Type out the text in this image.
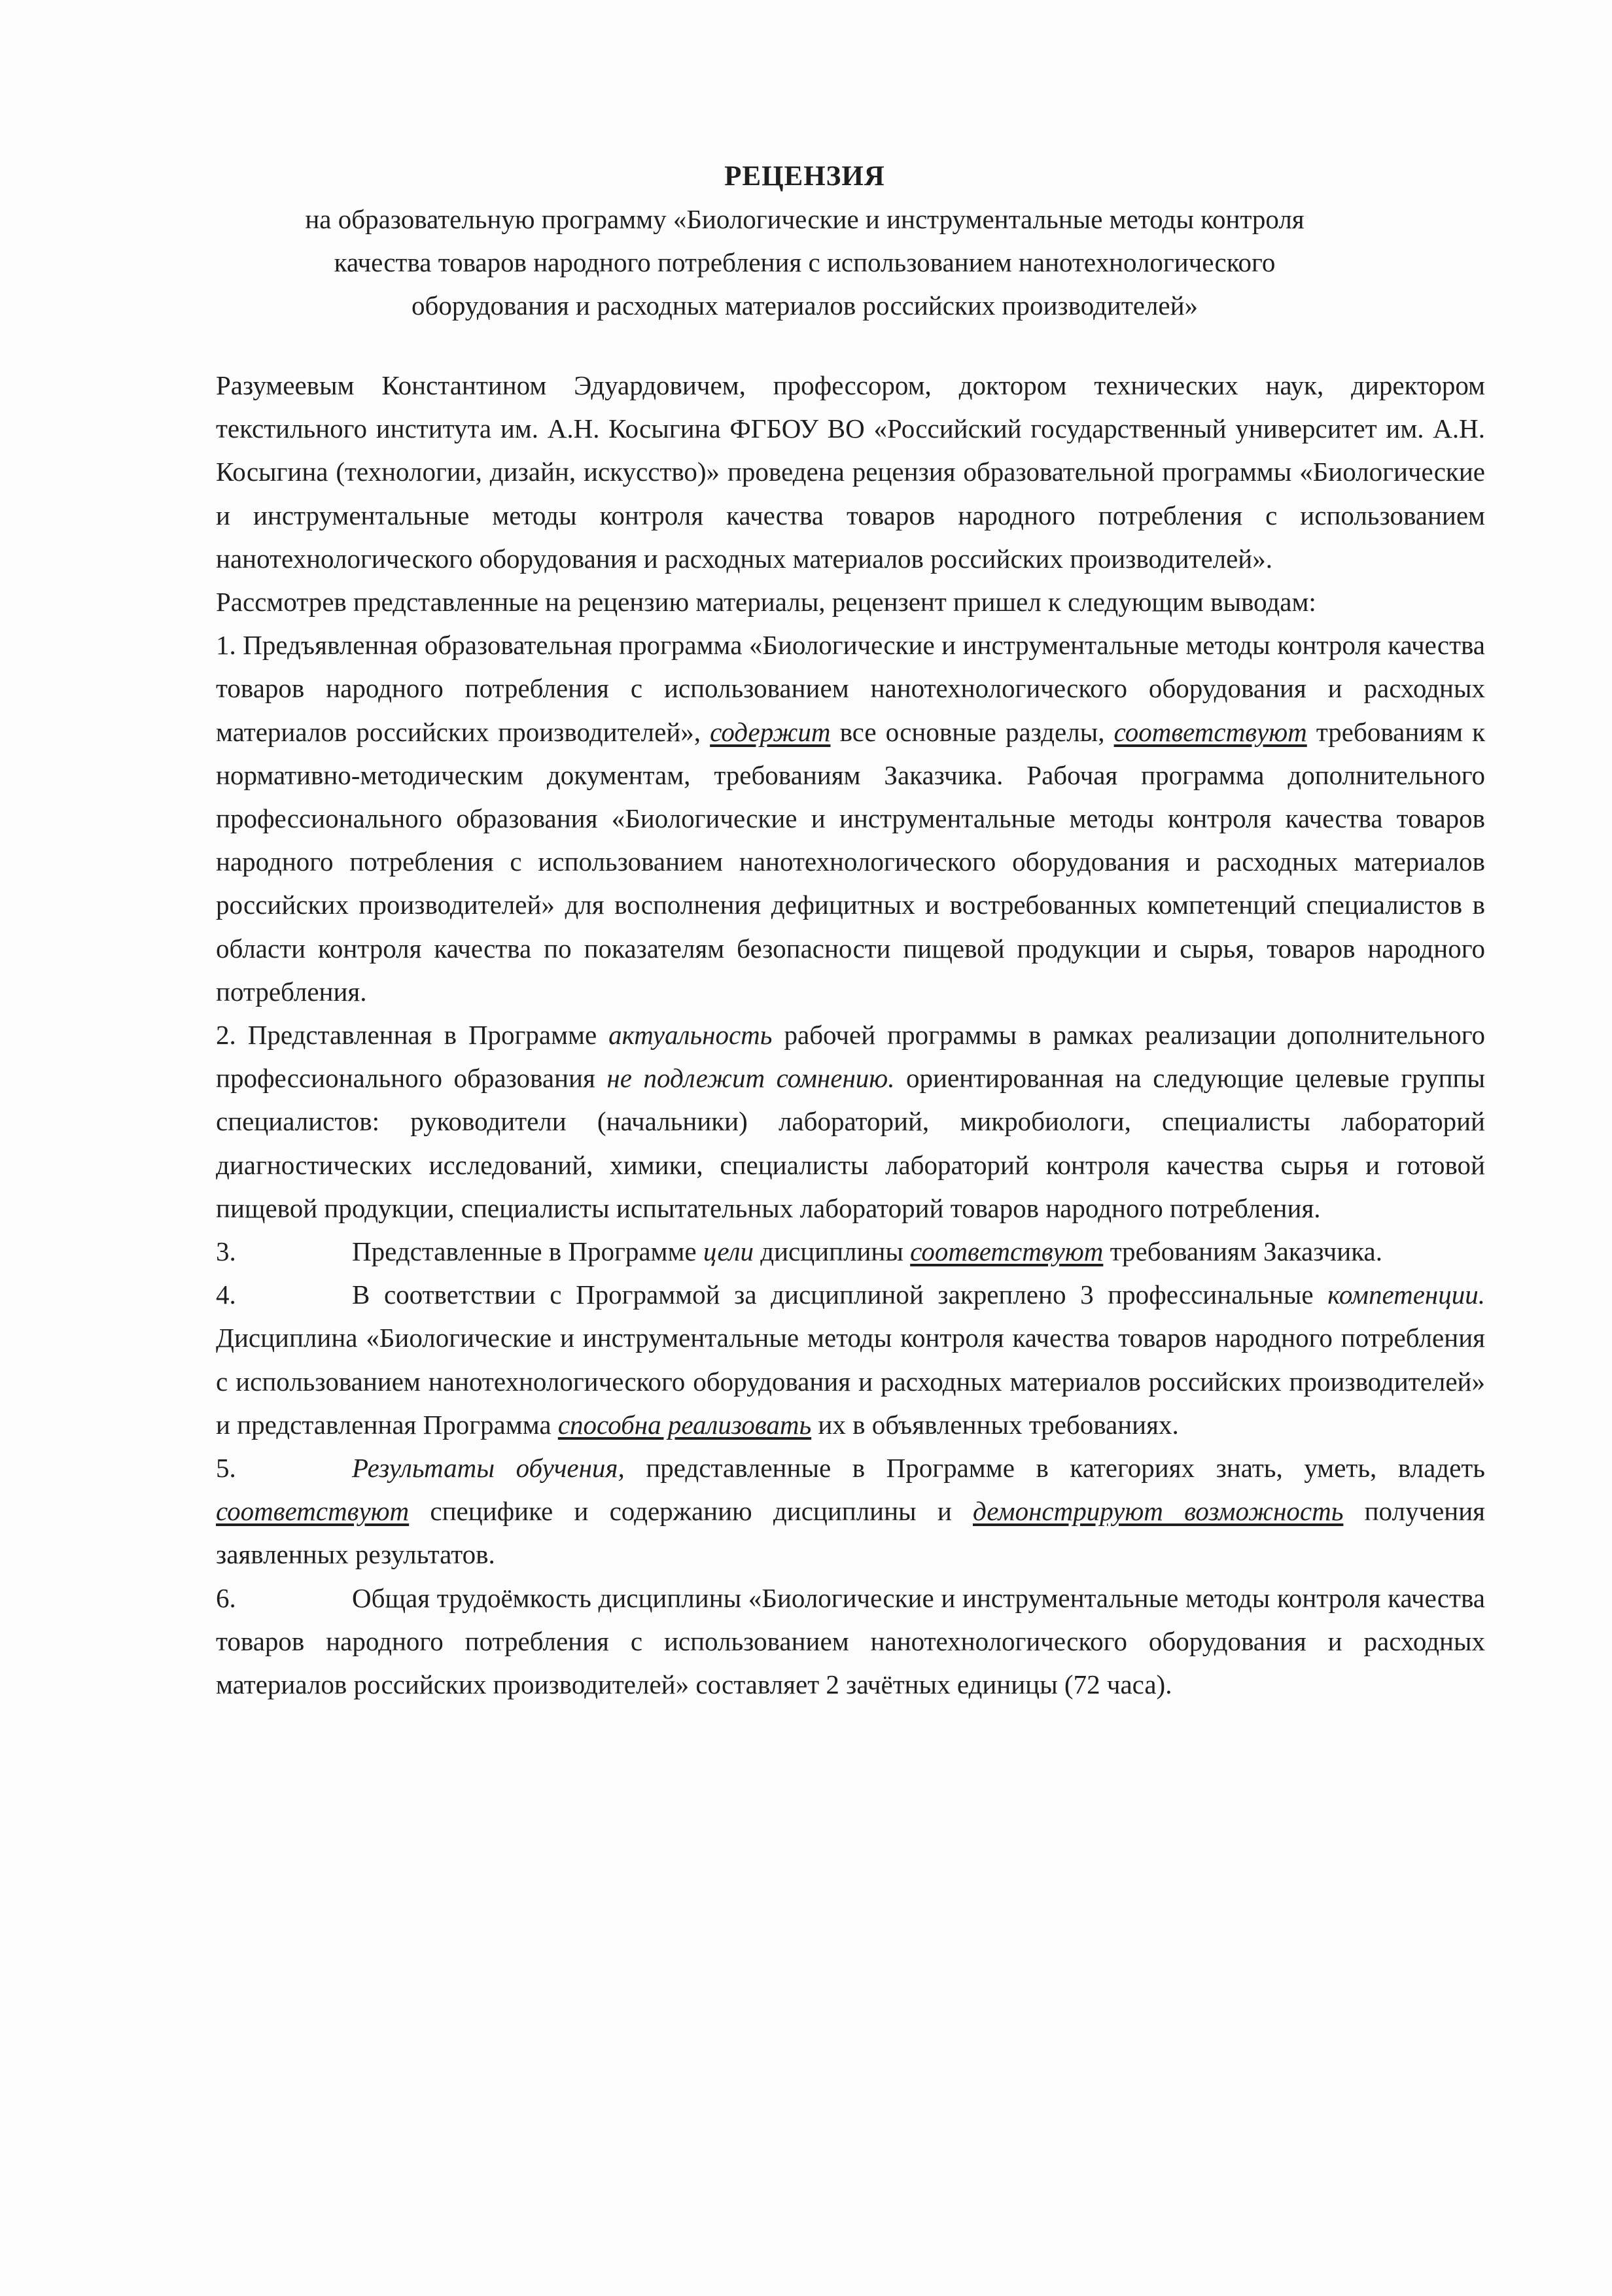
РЕЦЕНЗИЯ
на образовательную программу «Биологические и инструментальные методы контроля
качества товаров народного потребления с использованием нанотехнологического
оборудования и расходных материалов российских производителей»

Разумеевым Константином Эдуардовичем, профессором, доктором технических наук, директором текстильного института им. А.Н. Косыгина ФГБОУ ВО «Российский государственный университет им. А.Н. Косыгина (технологии, дизайн, искусство)» проведена рецензия образовательной программы «Биологические и инструментальные методы контроля качества товаров народного потребления с использованием нанотехнологического оборудования и расходных материалов российских производителей».

Рассмотрев представленные на рецензию материалы, рецензент пришел к следующим выводам:

1. Предъявленная образовательная программа «Биологические и инструментальные методы контроля качества товаров народного потребления с использованием нанотехнологического оборудования и расходных материалов российских производителей», содержит все основные разделы, соответствуют требованиям к нормативно-методическим документам, требованиям Заказчика. Рабочая программа дополнительного профессионального образования «Биологические и инструментальные методы контроля качества товаров народного потребления с использованием нанотехнологического оборудования и расходных материалов российских производителей» для восполнения дефицитных и востребованных компетенций специалистов в области контроля качества по показателям безопасности пищевой продукции и сырья, товаров народного потребления.

2. Представленная в Программе актуальность рабочей программы в рамках реализации дополнительного профессионального образования не подлежит сомнению. ориентированная на следующие целевые группы специалистов: руководители (начальники) лабораторий, микробиологи, специалисты лабораторий диагностических исследований, химики, специалисты лабораторий контроля качества сырья и готовой пищевой продукции, специалисты испытательных лабораторий товаров народного потребления.

3.	Представленные в Программе цели дисциплины соответствуют требованиям Заказчика.

4.	В соответствии с Программой за дисциплиной закреплено 3 профессинальные компетенции. Дисциплина «Биологические и инструментальные методы контроля качества товаров народного потребления с использованием нанотехнологического оборудования и расходных материалов российских производителей» и представленная Программа способна реализовать их в объявленных требованиях.

5.	Результаты обучения, представленные в Программе в категориях знать, уметь, владеть соответствуют специфике и содержанию дисциплины и демонстрируют возможность получения заявленных результатов.

6.	Общая трудоёмкость дисциплины «Биологические и инструментальные методы контроля качества товаров народного потребления с использованием нанотехнологического оборудования и расходных материалов российских производителей» составляет 2 зачётных единицы (72 часа).
